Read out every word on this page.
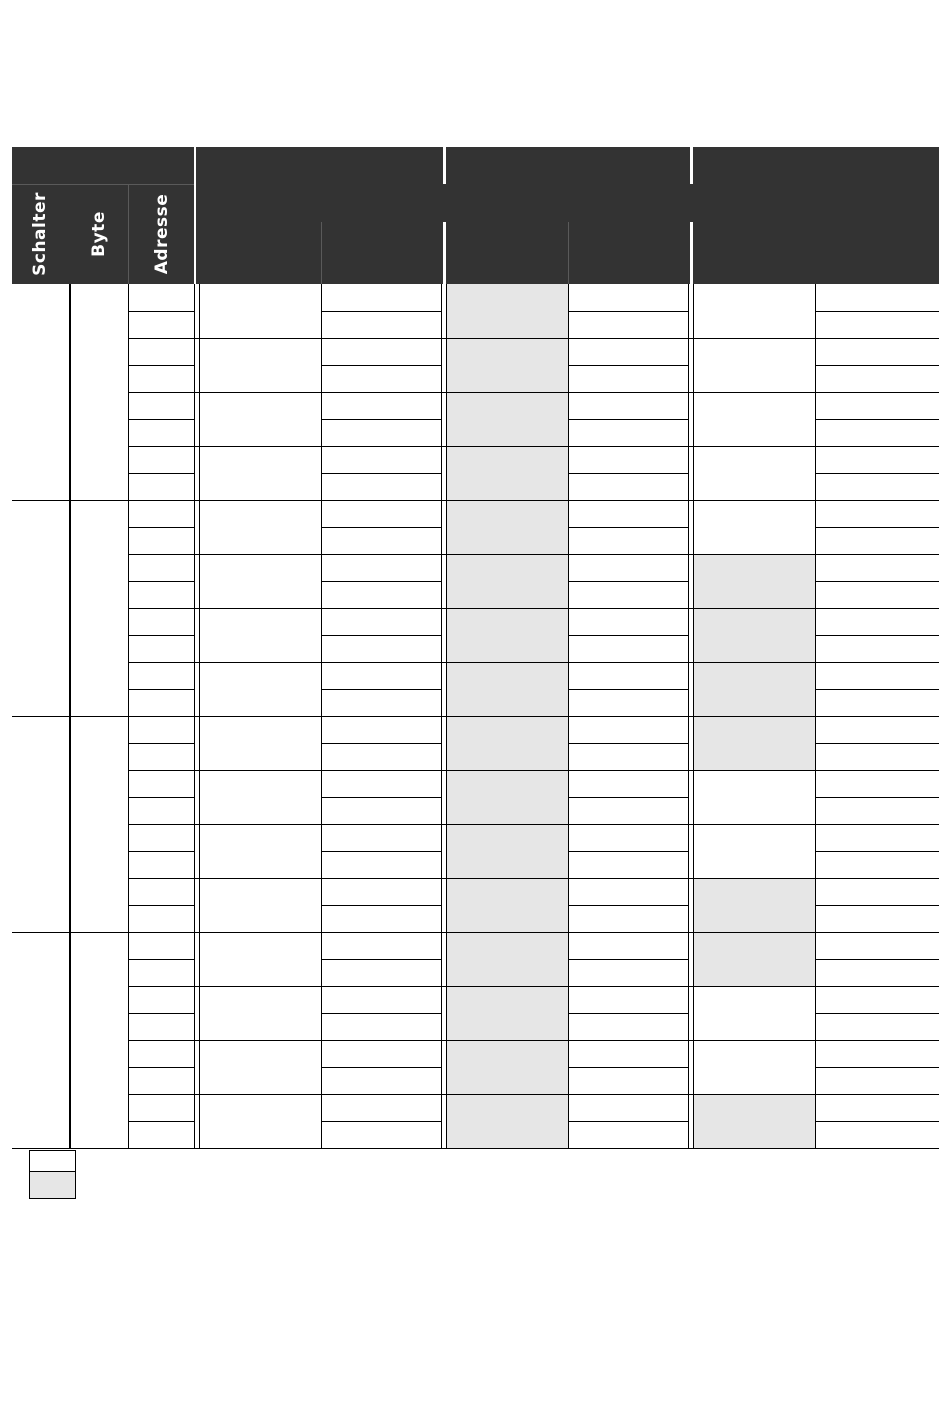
Schalter Byte	Adresse
